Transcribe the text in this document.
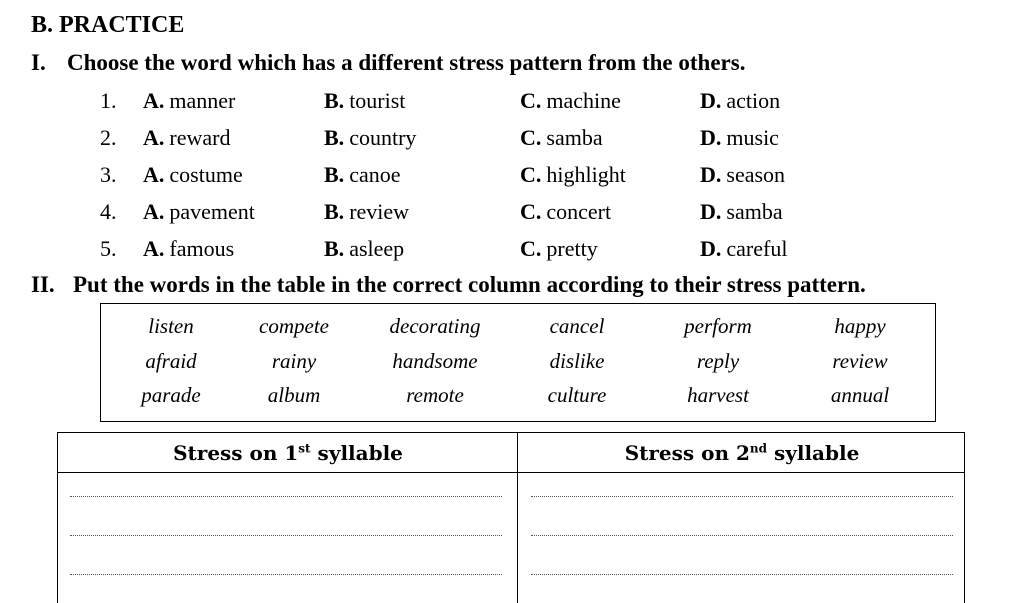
B. PRACTICE
I. Choose the word which has a different stress pattern from the others.
1. A. manner	B. tourist	C. machine	D. action
2. A. reward	B. country	C. samba	D. music
3. A. costume	B. canoe	C. highlight	D. season
4. A. pavement	B. review	C. concert	D. samba
5. A. famous	B. asleep	C. pretty	D. careful
II. Put the words in the table in the correct column according to their stress pattern.
listen	compete	decorating	cancel	perform	happy
afraid	rainy	handsome	dislike	reply	review
parade	album	remote	culture	harvest	annual
Stress on 1st syllable	Stress on 2nd syllable
